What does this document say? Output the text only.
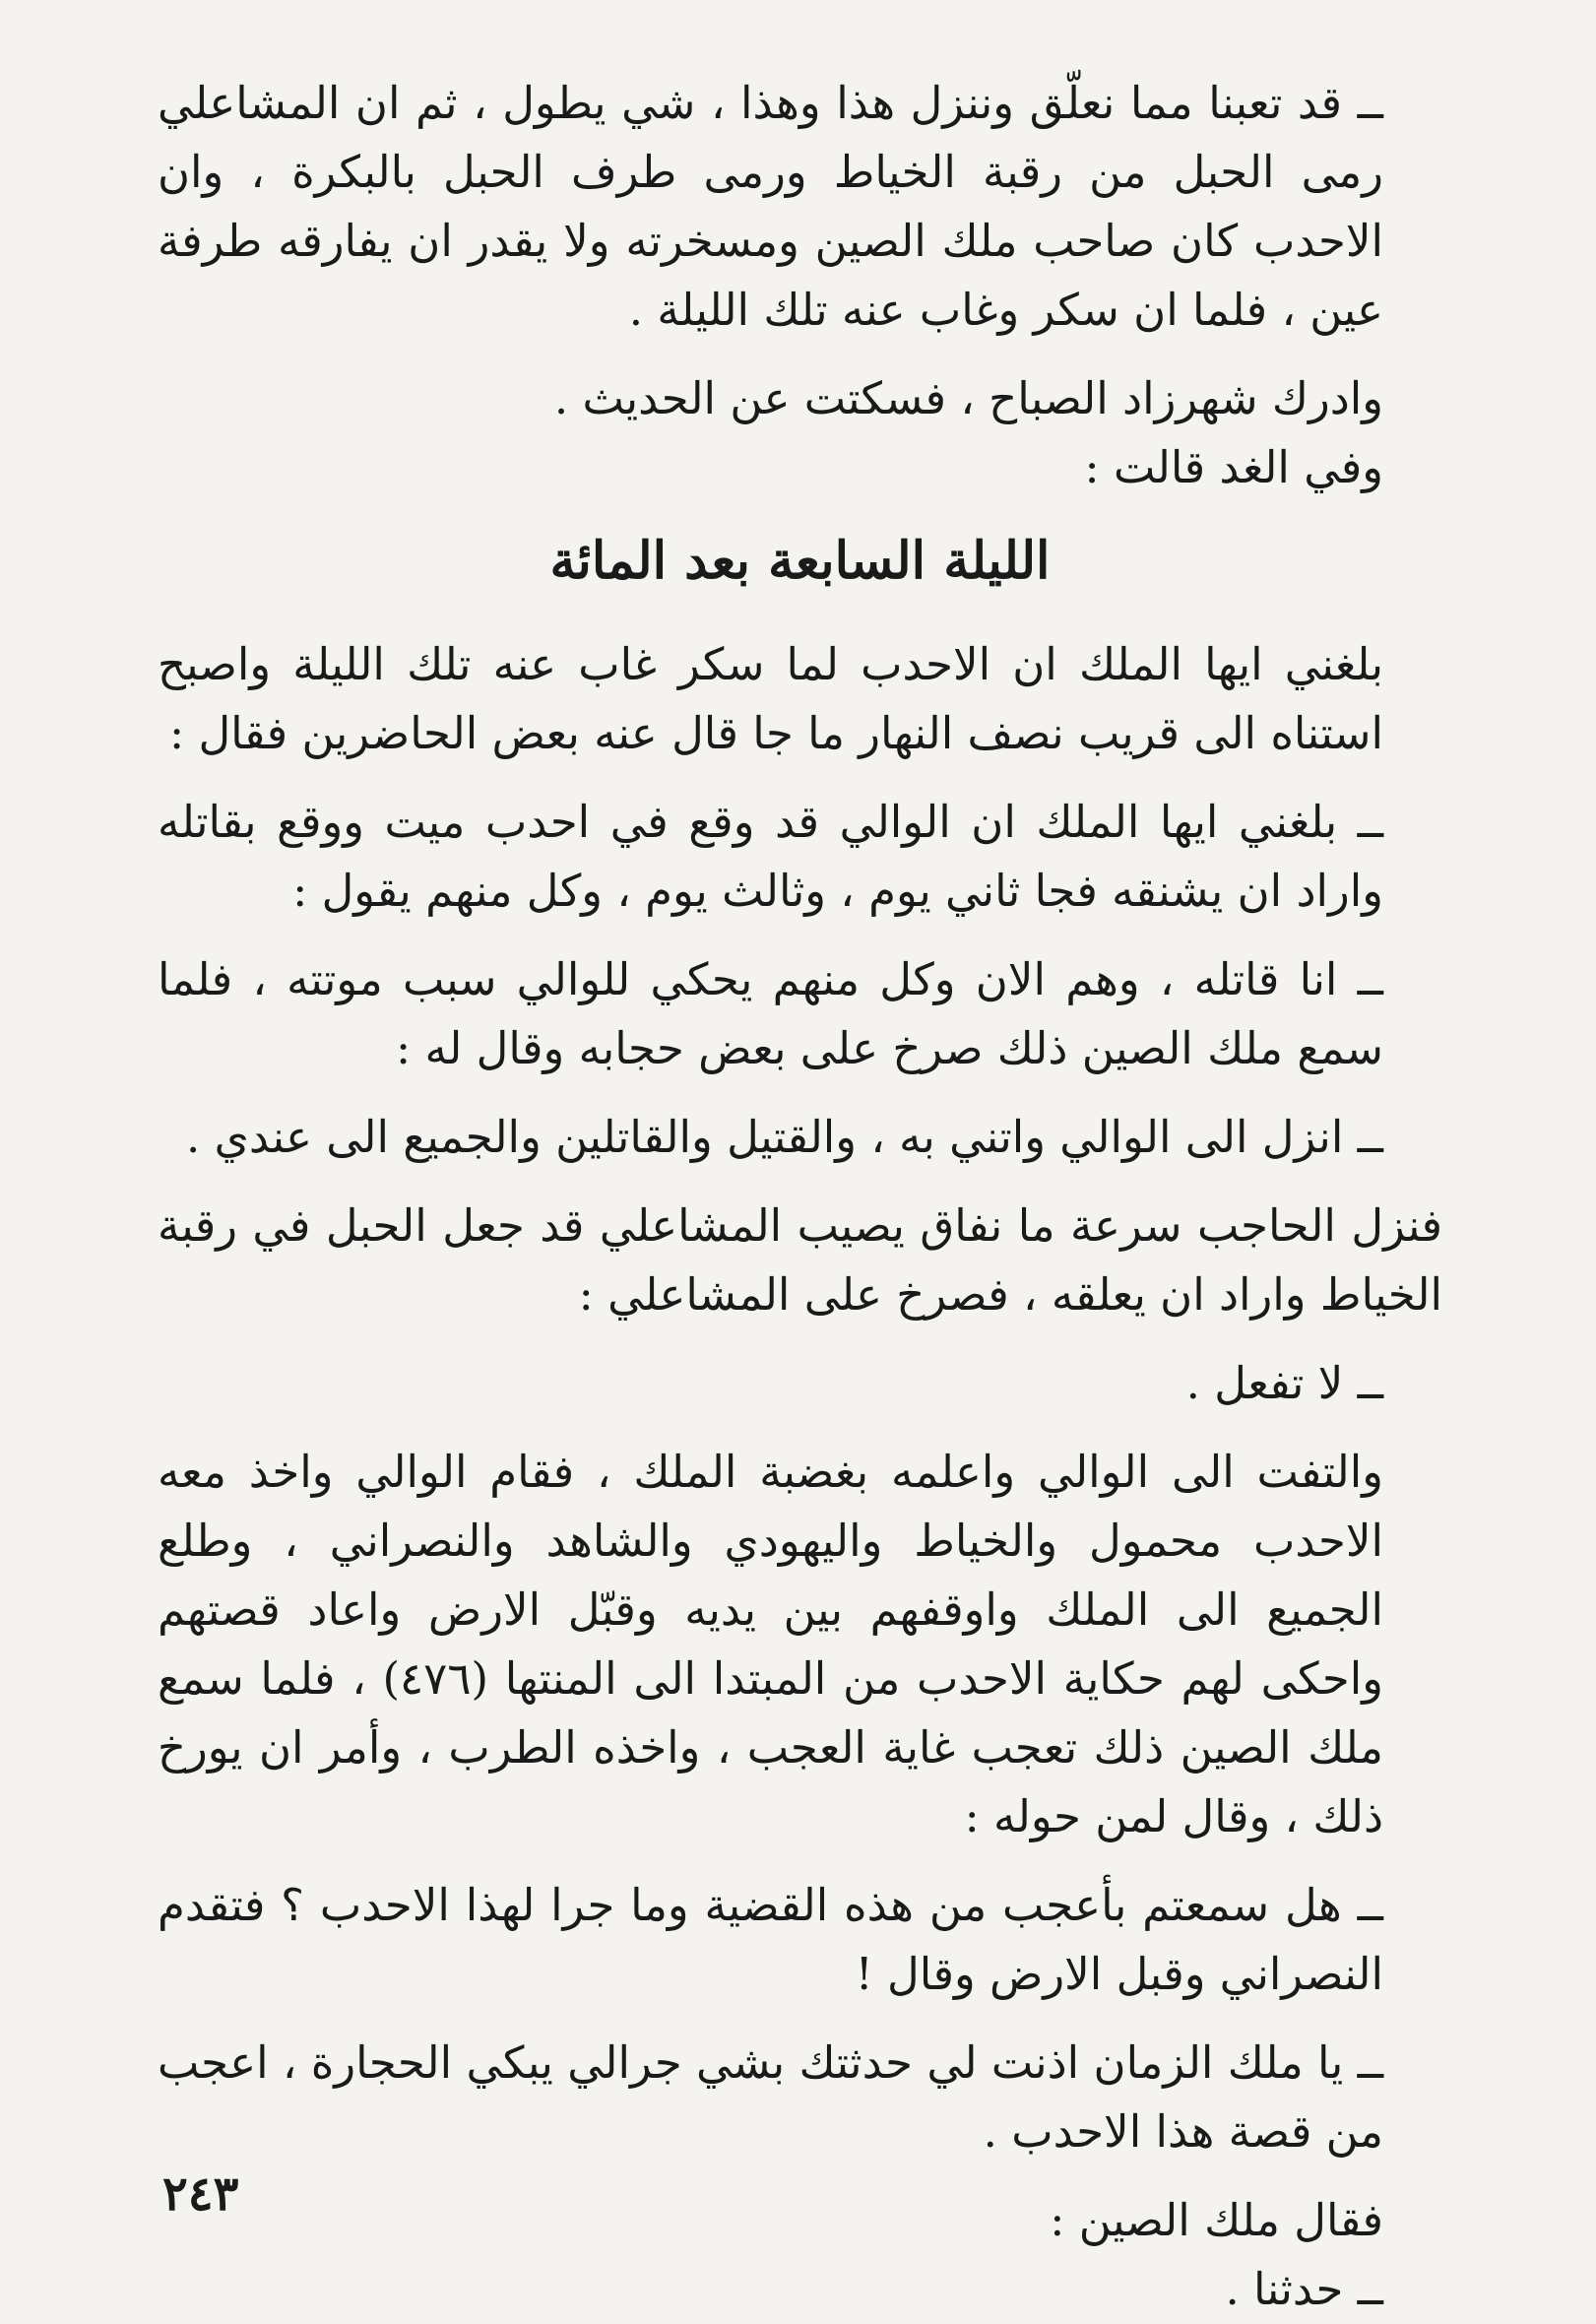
ــ قد تعبنا مما نعلّق وننزل هذا وهذا ، شي يطول ، ثم ان المشاعلي رمى الحبل من رقبة الخياط ورمى طرف الحبل بالبكرة ، وان الاحدب كان صاحب ملك الصين ومسخرته ولا يقدر ان يفارقه طرفة عين ، فلما ان سكر وغاب عنه تلك الليلة .

وادرك شهرزاد الصباح ، فسكتت عن الحديث .

وفي الغد قالت :

الليلة السابعة بعد المائة

بلغني ايها الملك ان الاحدب لما سكر غاب عنه تلك الليلة واصبح استناه الى قريب نصف النهار ما جا قال عنه بعض الحاضرين فقال :

ــ بلغني ايها الملك ان الوالي قد وقع في احدب ميت ووقع بقاتله واراد ان يشنقه فجا ثاني يوم ، وثالث يوم ، وكل منهم يقول :

ــ انا قاتله ، وهم الان وكل منهم يحكي للوالي سبب موتته ، فلما سمع ملك الصين ذلك صرخ على بعض حجابه وقال له :

ــ انزل الى الوالي واتني به ، والقتيل والقاتلين والجميع الى عندي .

فنزل الحاجب سرعة ما نفاق يصيب المشاعلي قد جعل الحبل في رقبة الخياط واراد ان يعلقه ، فصرخ على المشاعلي :

ــ لا تفعل .

والتفت الى الوالي واعلمه بغضبة الملك ، فقام الوالي واخذ معه الاحدب محمول والخياط واليهودي والشاهد والنصراني ، وطلع الجميع الى الملك واوقفهم بين يديه وقبّل الارض واعاد قصتهم واحكى لهم حكاية الاحدب من المبتدا الى المنتها (٤٧٦) ، فلما سمع ملك الصين ذلك تعجب غاية العجب ، واخذه الطرب ، وأمر ان يورخ ذلك ، وقال لمن حوله :

ــ هل سمعتم بأعجب من هذه القضية وما جرا لهذا الاحدب ؟ فتقدم النصراني وقبل الارض وقال !

ــ يا ملك الزمان اذنت لي حدثتك بشي جرالي يبكي الحجارة ، اعجب من قصة هذا الاحدب .

فقال ملك الصين :

ــ حدثنا .

٢٤٣
